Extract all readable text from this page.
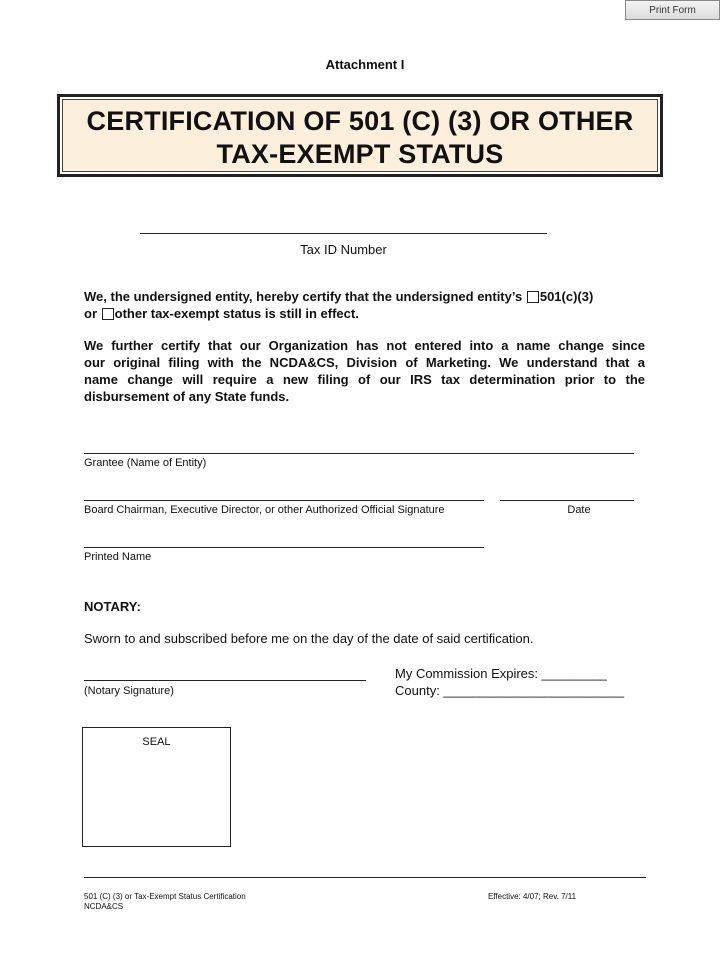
Print Form
Attachment I
CERTIFICATION OF 501 (C) (3) OR OTHER
TAX-EXEMPT STATUS
Tax ID Number
We, the undersigned entity, hereby certify that the undersigned entity’s 501(c)(3)
or other tax-exempt status is still in effect.
We further certify that our Organization has not entered into a name change since
our original filing with the NCDA&CS, Division of Marketing. We understand that a
name change will require a new filing of our IRS tax determination prior to the
disbursement of any State funds.
Grantee (Name of Entity)
Board Chairman, Executive Director, or other Authorized Official Signature	Date
Printed Name
NOTARY:
Sworn to and subscribed before me on the day of the date of said certification.
(Notary Signature)
My Commission Expires: _________
County: _________________________
SEAL
501 (C) (3) or Tax-Exempt Status Certification
NCDA&CS
Effective: 4/07; Rev. 7/11
